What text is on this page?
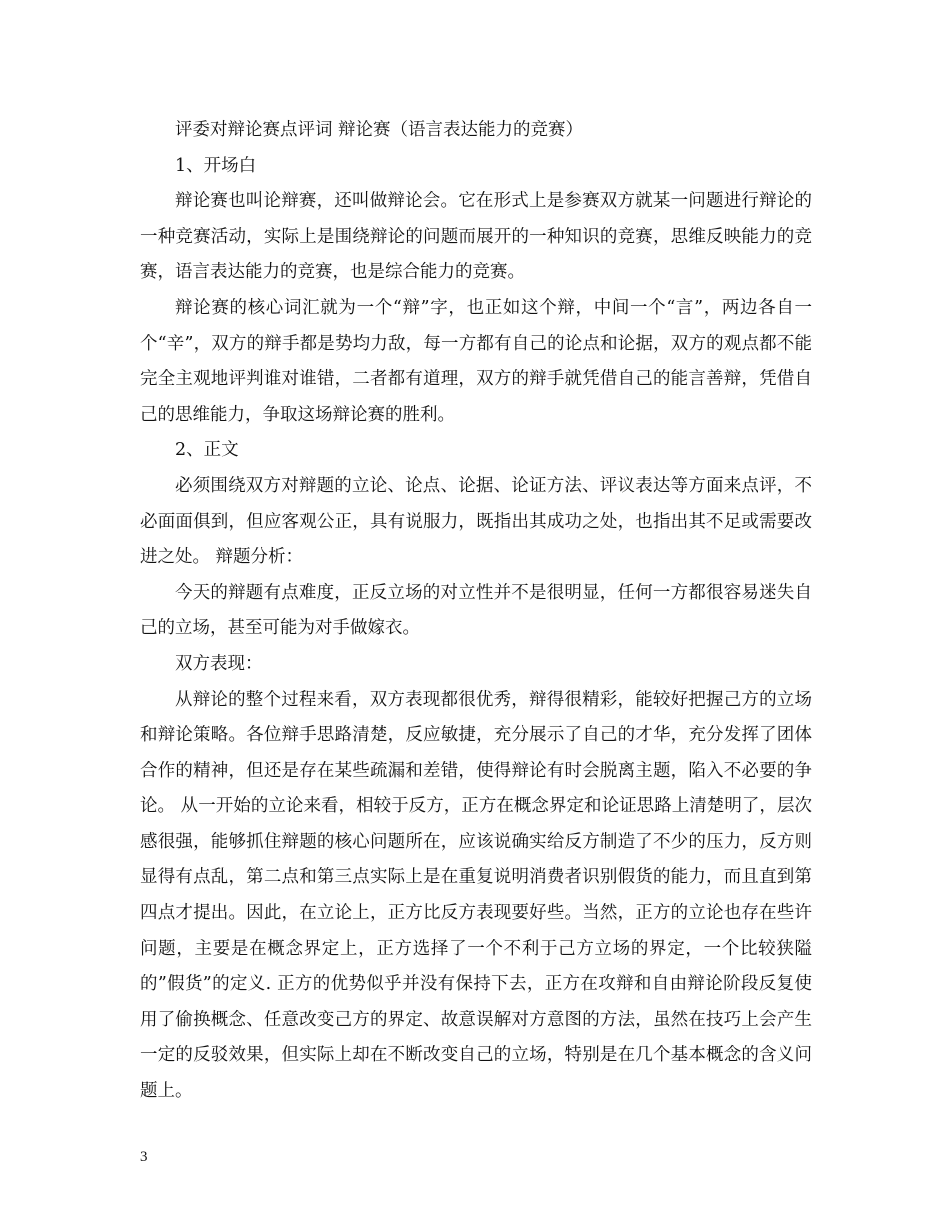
评委对辩论赛点评词 辩论赛（语言表达能力的竞赛）

1、开场白

辩论赛也叫论辩赛，还叫做辩论会。它在形式上是参赛双方就某一问题进行辩论的一种竞赛活动，实际上是围绕辩论的问题而展开的一种知识的竞赛，思维反映能力的竞赛，语言表达能力的竞赛，也是综合能力的竞赛。

辩论赛的核心词汇就为一个“辩”字，也正如这个辩，中间一个“言”，两边各自一个“辛”，双方的辩手都是势均力敌，每一方都有自己的论点和论据，双方的观点都不能完全主观地评判谁对谁错，二者都有道理，双方的辩手就凭借自己的能言善辩，凭借自己的思维能力，争取这场辩论赛的胜利。

2、正文

必须围绕双方对辩题的立论、论点、论据、论证方法、评议表达等方面来点评，不必面面俱到，但应客观公正，具有说服力，既指出其成功之处，也指出其不足或需要改进之处。 辩题分析：

今天的辩题有点难度，正反立场的对立性并不是很明显，任何一方都很容易迷失自己的立场，甚至可能为对手做嫁衣。

双方表现：

从辩论的整个过程来看，双方表现都很优秀，辩得很精彩，能较好把握己方的立场和辩论策略。各位辩手思路清楚，反应敏捷，充分展示了自己的才华，充分发挥了团体合作的精神，但还是存在某些疏漏和差错，使得辩论有时会脱离主题，陷入不必要的争论。 从一开始的立论来看，相较于反方，正方在概念界定和论证思路上清楚明了，层次感很强，能够抓住辩题的核心问题所在，应该说确实给反方制造了不少的压力，反方则显得有点乱，第二点和第三点实际上是在重复说明消费者识别假货的能力，而且直到第四点才提出。因此，在立论上，正方比反方表现要好些。当然，正方的立论也存在些许问题，主要是在概念界定上，正方选择了一个不利于己方立场的界定，一个比较狭隘的”假货”的定义. 正方的优势似乎并没有保持下去，正方在攻辩和自由辩论阶段反复使用了偷换概念、任意改变己方的界定、故意误解对方意图的方法，虽然在技巧上会产生一定的反驳效果，但实际上却在不断改变自己的立场，特别是在几个基本概念的含义问题上。

3
